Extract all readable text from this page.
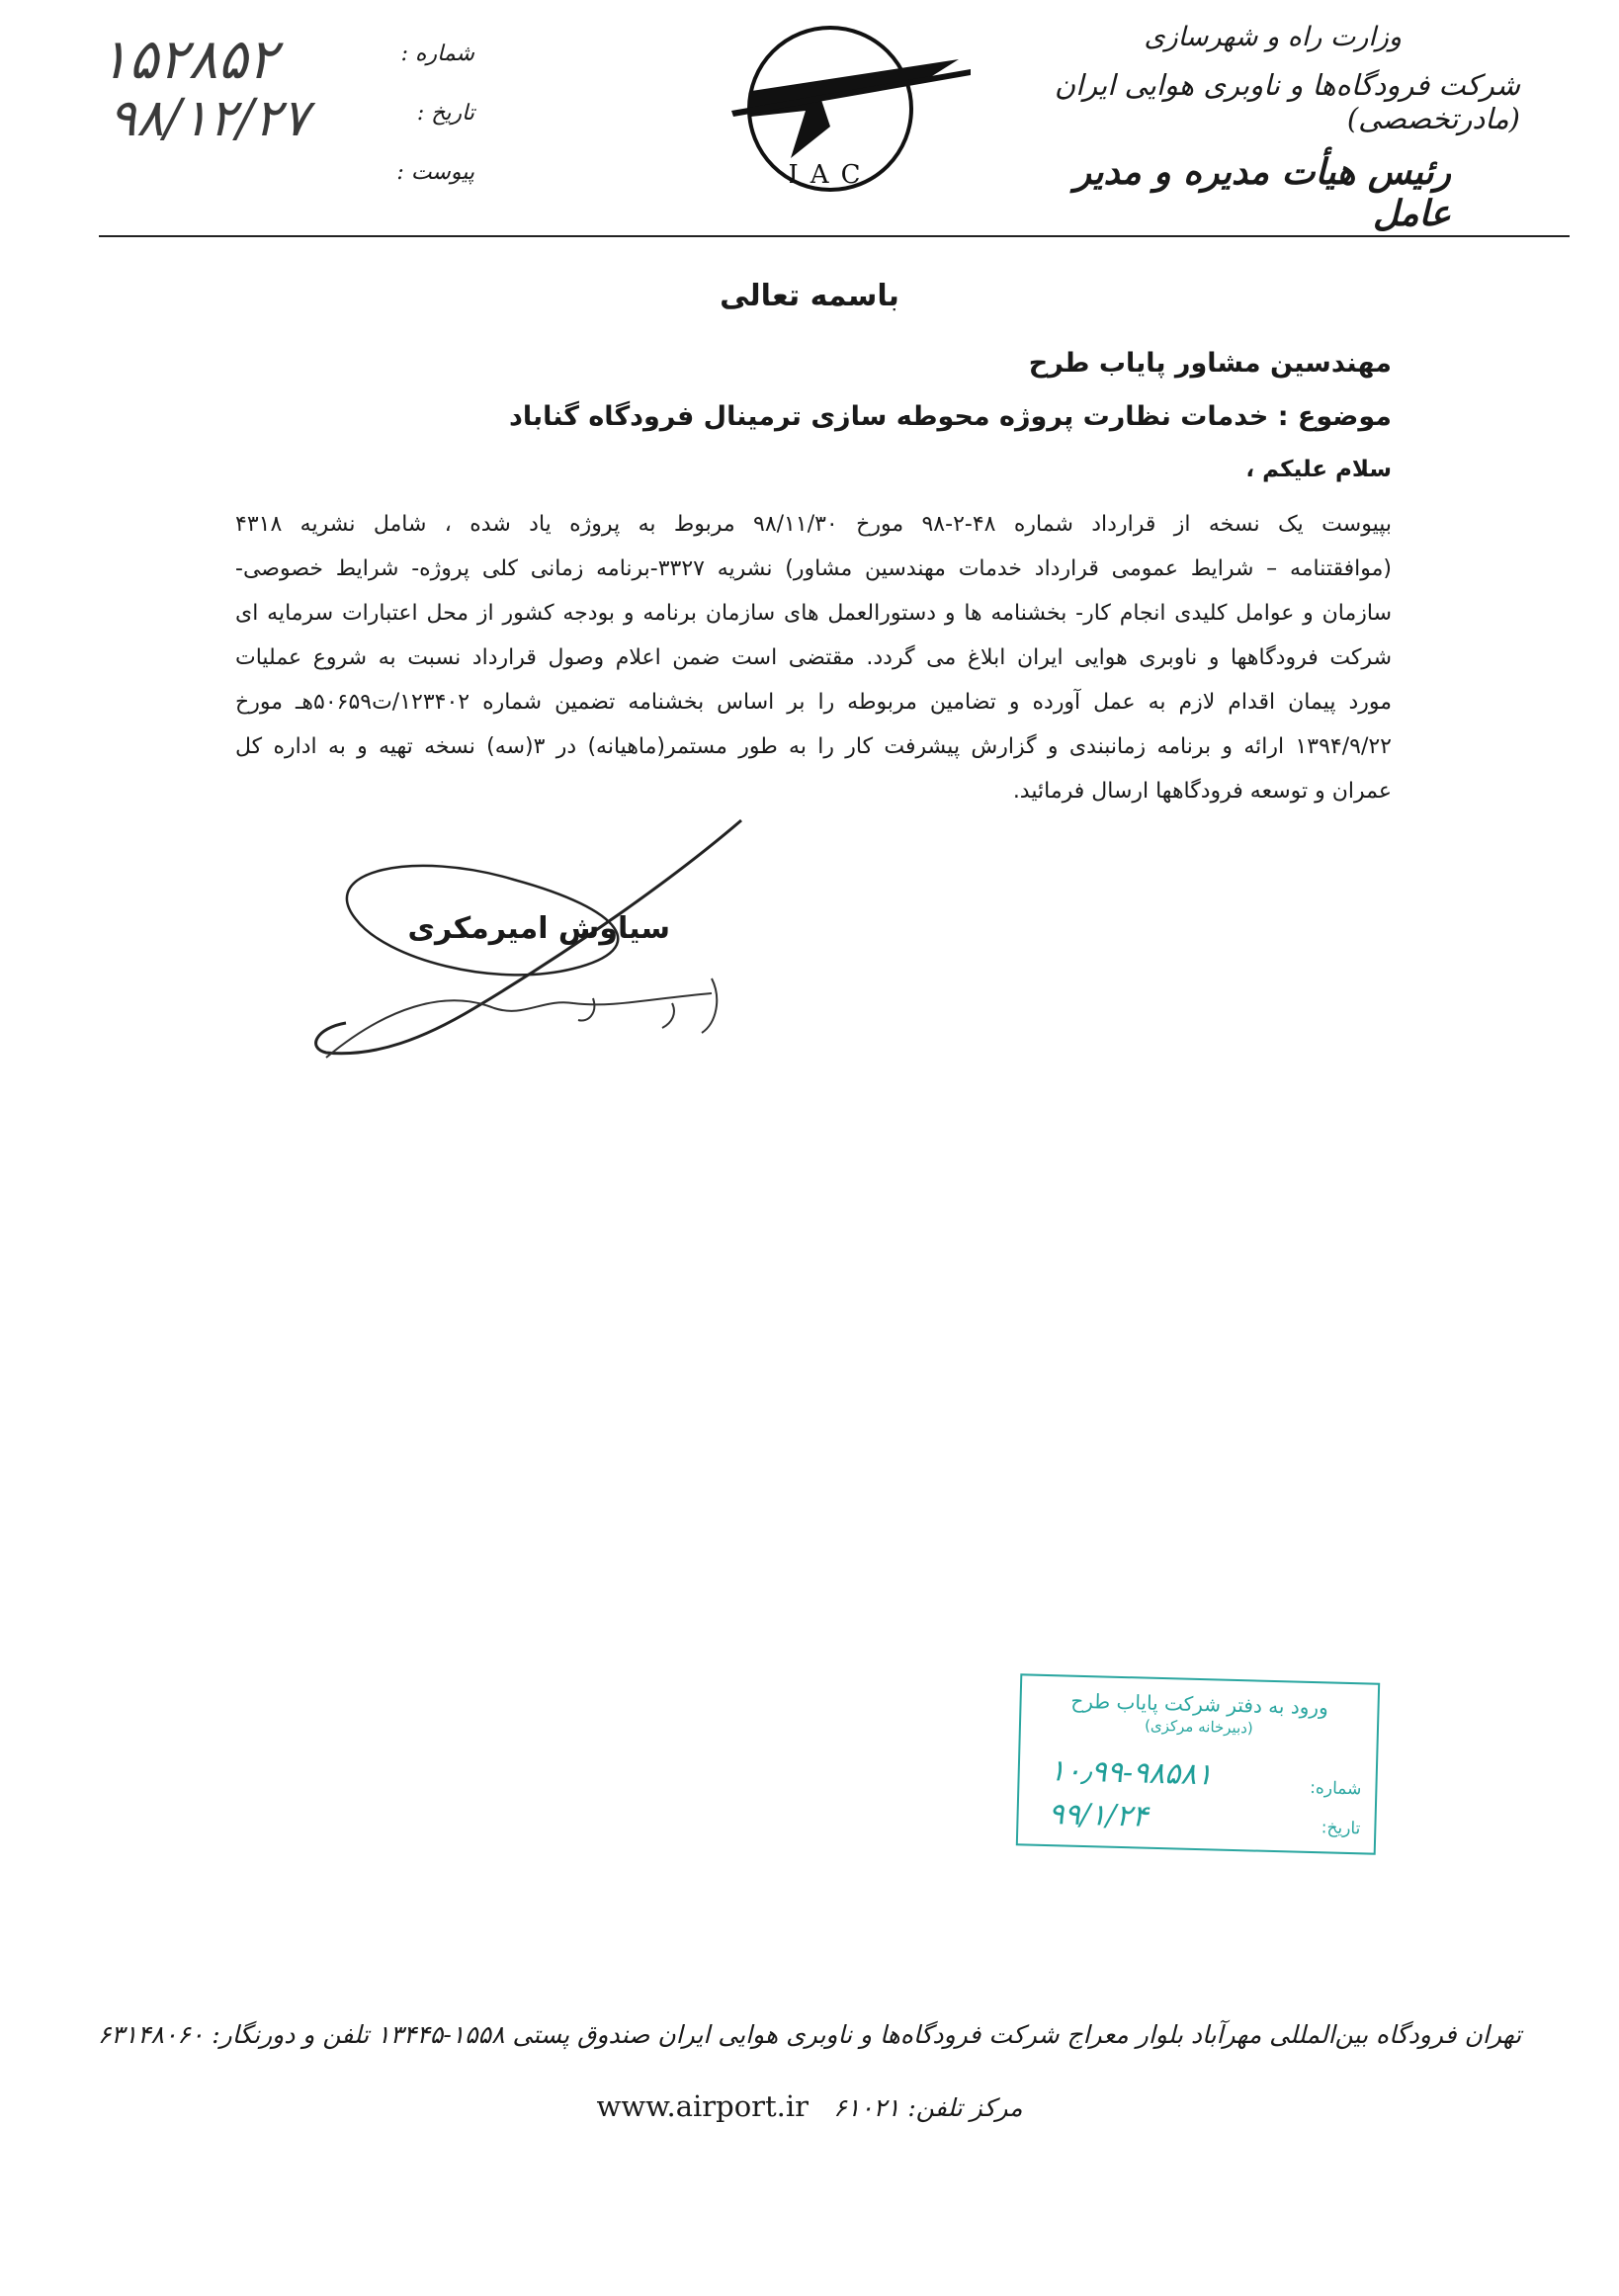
وزارت راه و شهرسازی
شرکت فرودگاه‌ها و ناوبری هوایی ایران (مادرتخصصی)
رئیس هیأت مدیره و مدیر عامل
IAC
شماره :
تاریخ :
پیوست :
۱۵۲۸۵۲
۹۸/۱۲/۲۷
باسمه تعالی
مهندسین مشاور پایاب طرح
موضوع : خدمات نظارت پروژه محوطه سازی ترمینال فرودگاه گناباد
سلام علیکم ،
بپیوست یک نسخه از قرارداد شماره ۴۸-۲-۹۸ مورخ ۹۸/۱۱/۳۰ مربوط به پروژه یاد شده ، شامل نشریه ۴۳۱۸
(موافقتنامه – شرایط عمومی قرارداد خدمات مهندسین مشاور) نشریه ۳۳۲۷-برنامه زمانی کلی پروژه- شرایط خصوصی-
سازمان و عوامل کلیدی انجام کار- بخشنامه ها و دستورالعمل های سازمان برنامه و بودجه کشور از محل اعتبارات سرمایه ای
شرکت فرودگاهها و ناوبری هوایی ایران ابلاغ می گردد. مقتضی است ضمن اعلام وصول قرارداد نسبت به شروع عملیات
مورد پیمان اقدام لازم به عمل آورده و تضامین مربوطه را بر اساس بخشنامه تضمین شماره ۱۲۳۴۰۲/ت۵۰۶۵۹هـ مورخ
۱۳۹۴/۹/۲۲ ارائه و برنامه زمانبندی و گزارش پیشرفت کار را به طور مستمر(ماهیانه) در ۳(سه) نسخه تهیه و به اداره کل
عمران و توسعه فرودگاهها ارسال فرمائید.
سیاوش امیرمکری
ورود به دفتر شرکت پایاب طرح
(دبیرخانه مرکزی)
شماره:
تاریخ:
۱۰٫۹۹-۹۸۵۸۱
۹۹/۱/۲۴
تهران فرودگاه بین‌المللی مهرآباد بلوار معراج شرکت فرودگاه‌ها و ناوبری هوایی ایران صندوق پستی ۱۵۵۸-۱۳۴۴۵ تلفن و دورنگار: ۶۳۱۴۸۰۶۰
www.airport.ir مرکز تلفن: ۶۱۰۲۱
